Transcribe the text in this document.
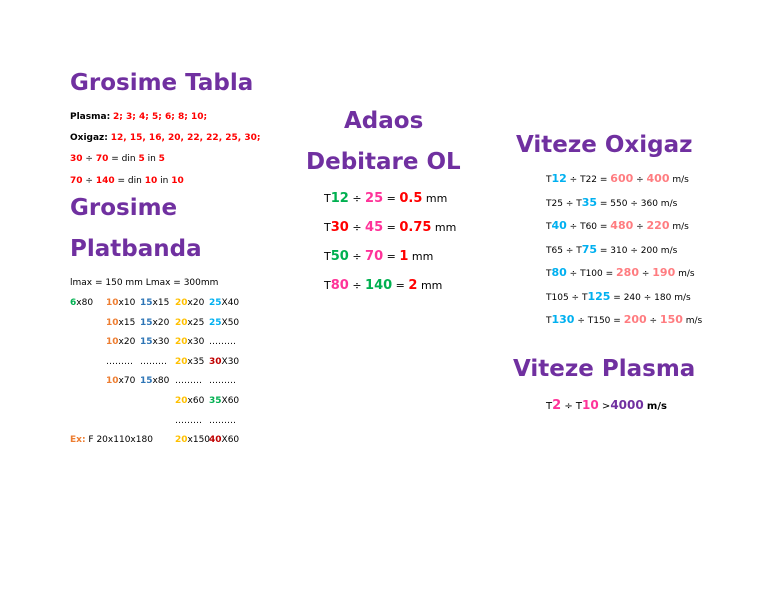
Grosime Tabla
Plasma: 2; 3; 4; 5; 6; 8; 10;
Oxigaz: 12, 15, 16, 20, 22, 22, 25, 30;
30 ÷ 70 = din 5 in 5
70 ÷ 140 = din 10 in 10
Grosime
Platbanda
lmax = 150 mm Lmax = 300mm
6x80 10x10 15x15 20x20 25X40
10x15 15x20 20x25 25X50
10x20 15x30 20x30 ………
……… ……… 20x35 30X30
10x70 15x80 ……… ………
20x60 35X60
……… ………
Ex: F 20x110x180 20x150
40X60
Adaos
Debitare OL
T12 ÷ 25 = 0.5 mm
T30 ÷ 45 = 0.75 mm
T50 ÷ 70 = 1 mm
T80 ÷ 140 = 2 mm
Viteze Oxigaz
T12 ÷ T22 = 600 ÷ 400 m/s
T25 ÷ T35 = 550 ÷ 360 m/s
T40 ÷ T60 = 480 ÷ 220 m/s
T65 ÷ T75 = 310 ÷ 200 m/s
T80 ÷ T100 = 280 ÷ 190 m/s
T105 ÷ T125 = 240 ÷ 180 m/s
T130 ÷ T150 = 200 ÷ 150 m/s
Viteze Plasma
T2 ÷ T10 >4000 m/s
